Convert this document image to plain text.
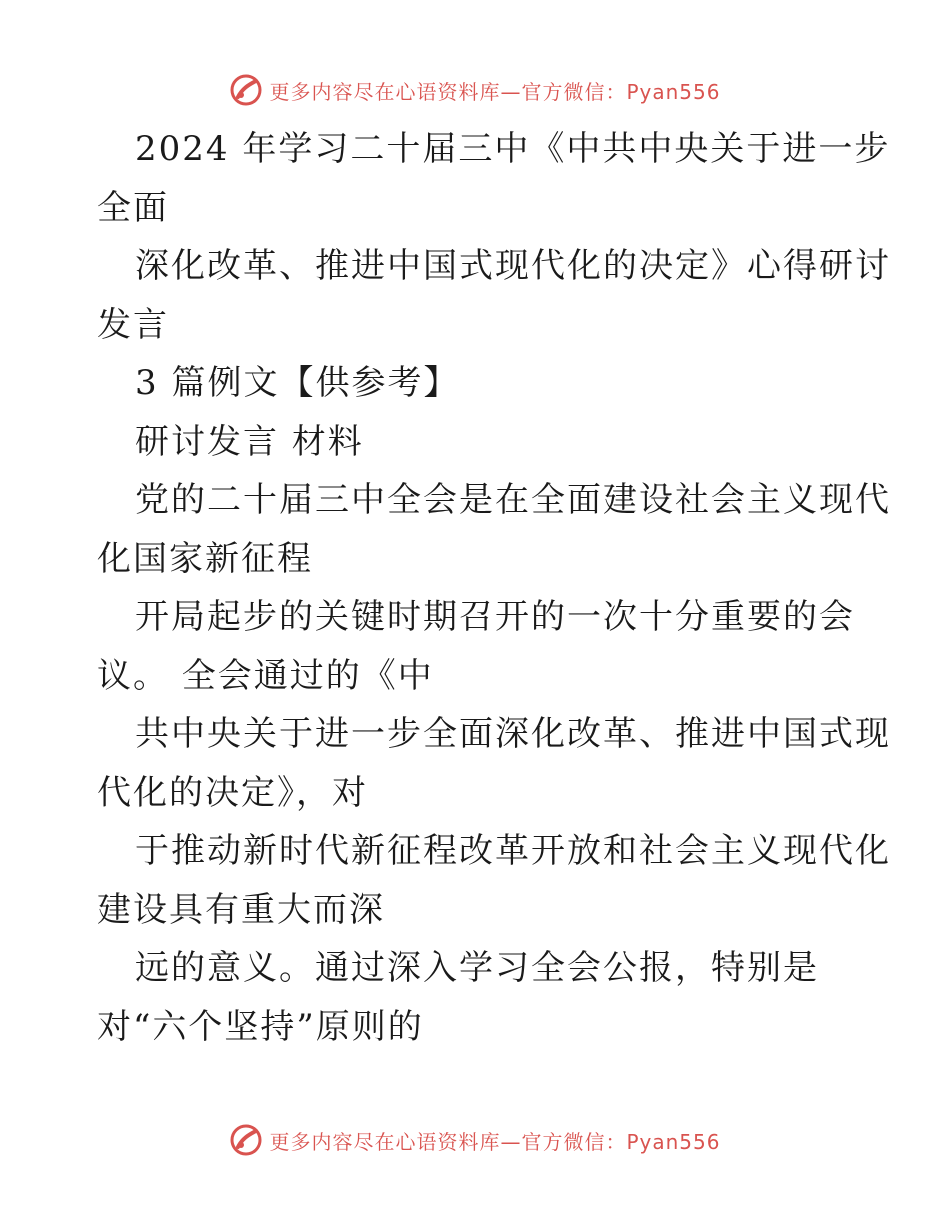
更多内容尽在心语资料库—官方微信：Pyan556
2024 年学习二十届三中《中共中央关于进一步
全面
深化改革、推进中国式现代化的决定》心得研讨
发言
3 篇例文【供参考】
研讨发言 材料
党的二十届三中全会是在全面建设社会主义现代
化国家新征程
开局起步的关键时期召开的一次十分重要的会
议。 全会通过的《中
共中央关于进一步全面深化改革、推进中国式现
代化的决定》，对
于推动新时代新征程改革开放和社会主义现代化
建设具有重大而深
远的意义。通过深入学习全会公报，特别是
对“六个坚持”原则的
更多内容尽在心语资料库—官方微信：Pyan556
